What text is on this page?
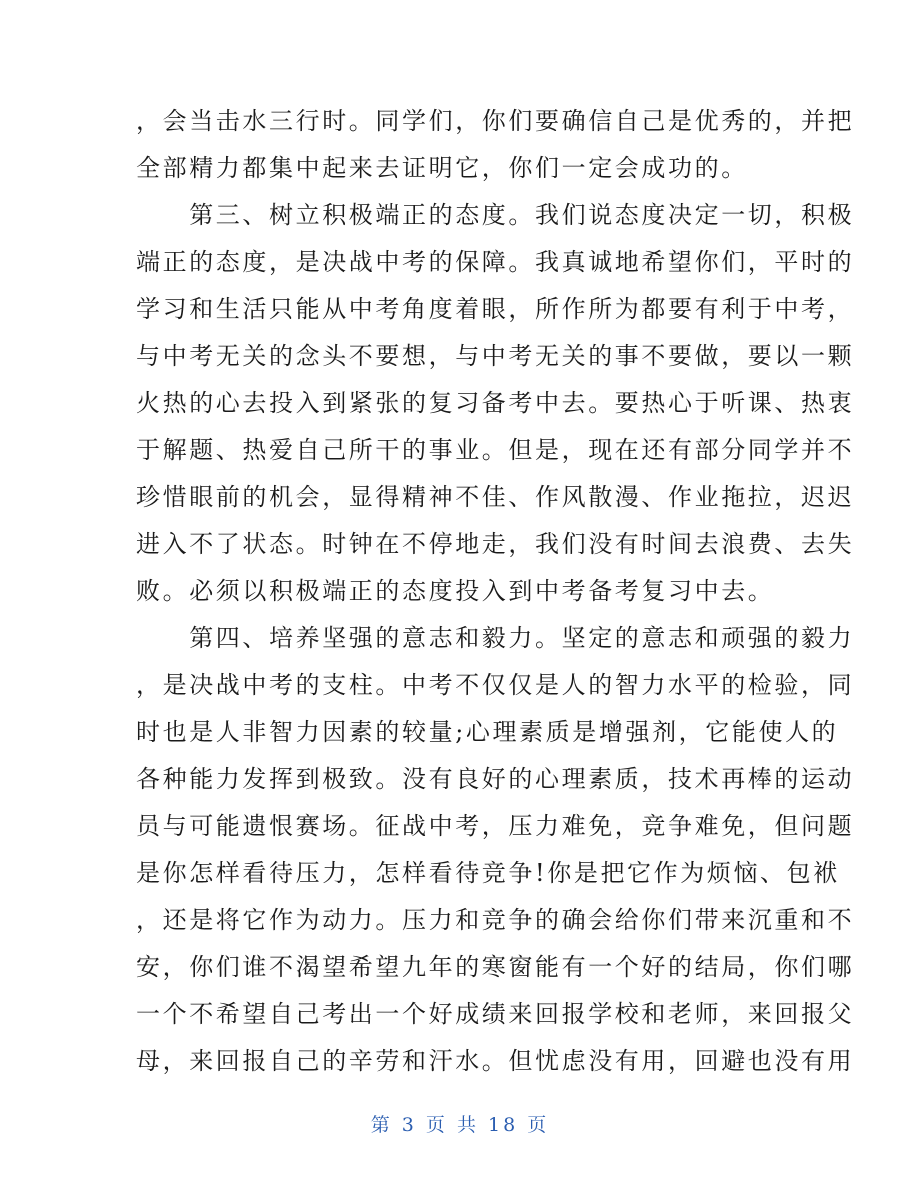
，会当击水三行时。同学们，你们要确信自己是优秀的，并把
全部精力都集中起来去证明它，你们一定会成功的。
　　第三、树立积极端正的态度。我们说态度决定一切，积极
端正的态度，是决战中考的保障。我真诚地希望你们，平时的
学习和生活只能从中考角度着眼，所作所为都要有利于中考，
与中考无关的念头不要想，与中考无关的事不要做，要以一颗
火热的心去投入到紧张的复习备考中去。要热心于听课、热衷
于解题、热爱自己所干的事业。但是，现在还有部分同学并不
珍惜眼前的机会，显得精神不佳、作风散漫、作业拖拉，迟迟
进入不了状态。时钟在不停地走，我们没有时间去浪费、去失
败。必须以积极端正的态度投入到中考备考复习中去。
　　第四、培养坚强的意志和毅力。坚定的意志和顽强的毅力
，是决战中考的支柱。中考不仅仅是人的智力水平的检验，同
时也是人非智力因素的较量;心理素质是增强剂，它能使人的
各种能力发挥到极致。没有良好的心理素质，技术再棒的运动
员与可能遗恨赛场。征战中考，压力难免，竞争难免，但问题
是你怎样看待压力，怎样看待竞争!你是把它作为烦恼、包袱
，还是将它作为动力。压力和竞争的确会给你们带来沉重和不
安，你们谁不渴望希望九年的寒窗能有一个好的结局，你们哪
一个不希望自己考出一个好成绩来回报学校和老师，来回报父
母，来回报自己的辛劳和汗水。但忧虑没有用，回避也没有用
第 3 页 共 18 页
